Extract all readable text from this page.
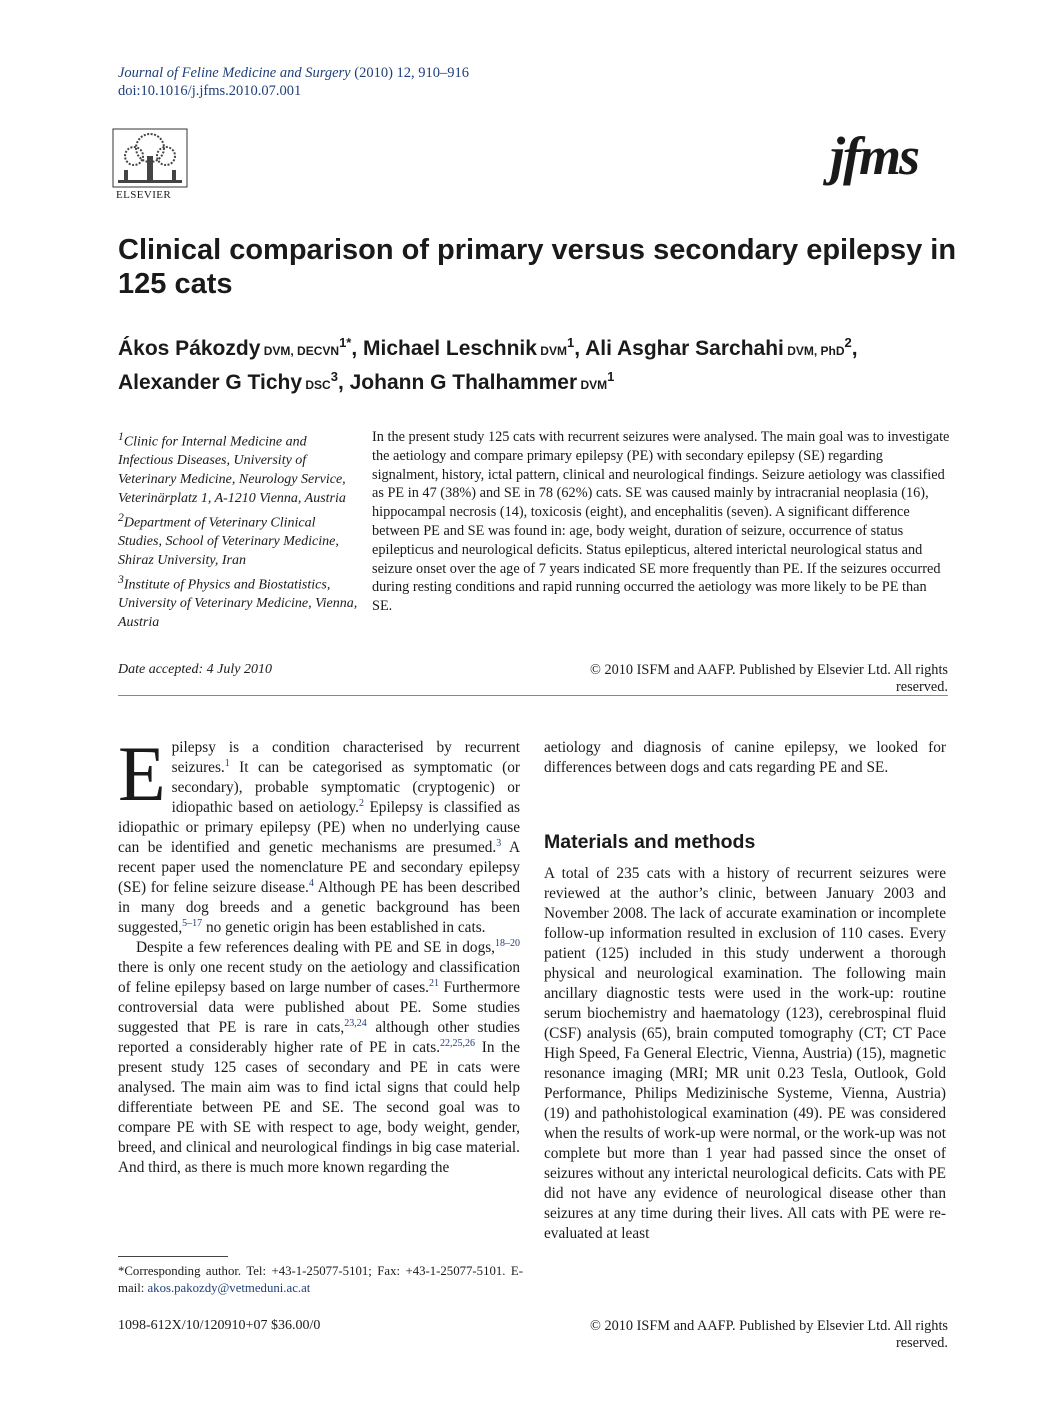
Journal of Feline Medicine and Surgery (2010) 12, 910–916
doi:10.1016/j.jfms.2010.07.001
ELSEVIER
jfms
Clinical comparison of primary versus secondary epilepsy in 125 cats
Ákos Pákozdy DVM, $DECVN^{1*}$, Michael Leschnik DVM$^1$, Ali Asghar Sarchahi DVM, PhD$^2$,
Alexander G Tichy DSC$^3$, Johann G Thalhammer DVM$^1$

$^1$Clinic for Internal Medicine and Infectious Diseases, University of Veterinary Medicine, Neurology Service, Veterinärplatz 1, A-1210 Vienna, Austria

$^2$Department of Veterinary Clinical Studies, School of Veterinary Medicine, Shiraz University, Iran

$^3$Institute of Physics and Biostatistics, University of Veterinary Medicine, Vienna, Austria

In the present study 125 cats with recurrent seizures were analysed. The main goal was to investigate the aetiology and compare primary epilepsy (PE) with secondary epilepsy (SE) regarding signalment, history, ictal pattern, clinical and neurological findings. Seizure aetiology was classified as PE in 47 (38%) and SE in 78 (62%) cats. SE was caused mainly by intracranial neoplasia (16), hippocampal necrosis (14), toxicosis (eight), and encephalitis (seven). A significant difference between PE and SE was found in: age, body weight, duration of seizure, occurrence of status epilepticus and neurological deficits. Status epilepticus, altered interictal neurological status and seizure onset over the age of 7 years indicated SE more frequently than PE. If the seizures occurred during resting conditions and rapid running occurred the aetiology was more likely to be PE than SE.

Date accepted: 4 July 2010	© 2010 ISFM and AAFP. Published by Elsevier Ltd. All rights reserved.

Epilepsy is a condition characterised by recurrent seizures.$^1$ It can be categorised as symptomatic (or secondary), probable symptomatic (cryptogenic) or idiopathic based on aetiology.$^2$ Epilepsy is classified as idiopathic or primary epilepsy (PE) when no underlying cause can be identified and genetic mechanisms are presumed.$^3$ A recent paper used the nomenclature PE and secondary epilepsy (SE) for feline seizure disease.$^4$ Although PE has been described in many dog breeds and a genetic background has been suggested,$^{5-17}$ no genetic origin has been established in cats.

Despite a few references dealing with PE and SE in dogs,$^{18-20}$ there is only one recent study on the aetiology and classification of feline epilepsy based on large number of cases.$^{21}$ Furthermore controversial data were published about PE. Some studies suggested that PE is rare in cats,$^{23,24}$ although other studies reported a considerably higher rate of PE in cats.$^{22,25,26}$ In the present study 125 cases of secondary and PE in cats were analysed. The main aim was to find ictal signs that could help differentiate between PE and SE. The second goal was to compare PE with SE with respect to age, body weight, gender, breed, and clinical and neurological findings in big case material. And third, as there is much more known regarding the

aetiology and diagnosis of canine epilepsy, we looked for differences between dogs and cats regarding PE and SE.

Materials and methods

A total of 235 cats with a history of recurrent seizures were reviewed at the author’s clinic, between January 2003 and November 2008. The lack of accurate examination or incomplete follow-up information resulted in exclusion of 110 cases. Every patient (125) included in this study underwent a thorough physical and neurological examination. The following main ancillary diagnostic tests were used in the work-up: routine serum biochemistry and haematology (123), cerebrospinal fluid (CSF) analysis (65), brain computed tomography (CT; CT Pace High Speed, Fa General Electric, Vienna, Austria) (15), magnetic resonance imaging (MRI; MR unit 0.23 Tesla, Outlook, Gold Performance, Philips Medizinische Systeme, Vienna, Austria) (19) and pathohistological examination (49). PE was considered when the results of work-up were normal, or the work-up was not complete but more than 1 year had passed since the onset of seizures without any interictal neurological deficits. Cats with PE did not have any evidence of neurological disease other than seizures at any time during their lives. All cats with PE were re-evaluated at least

*Corresponding author. Tel: +43-1-25077-5101; Fax: +43-1-25077-5101. E-mail: akos.pakozdy@vetmeduni.ac.at
1098-612X/10/120910+07 $36.00/0	© 2010 ISFM and AAFP. Published by Elsevier Ltd. All rights reserved.
